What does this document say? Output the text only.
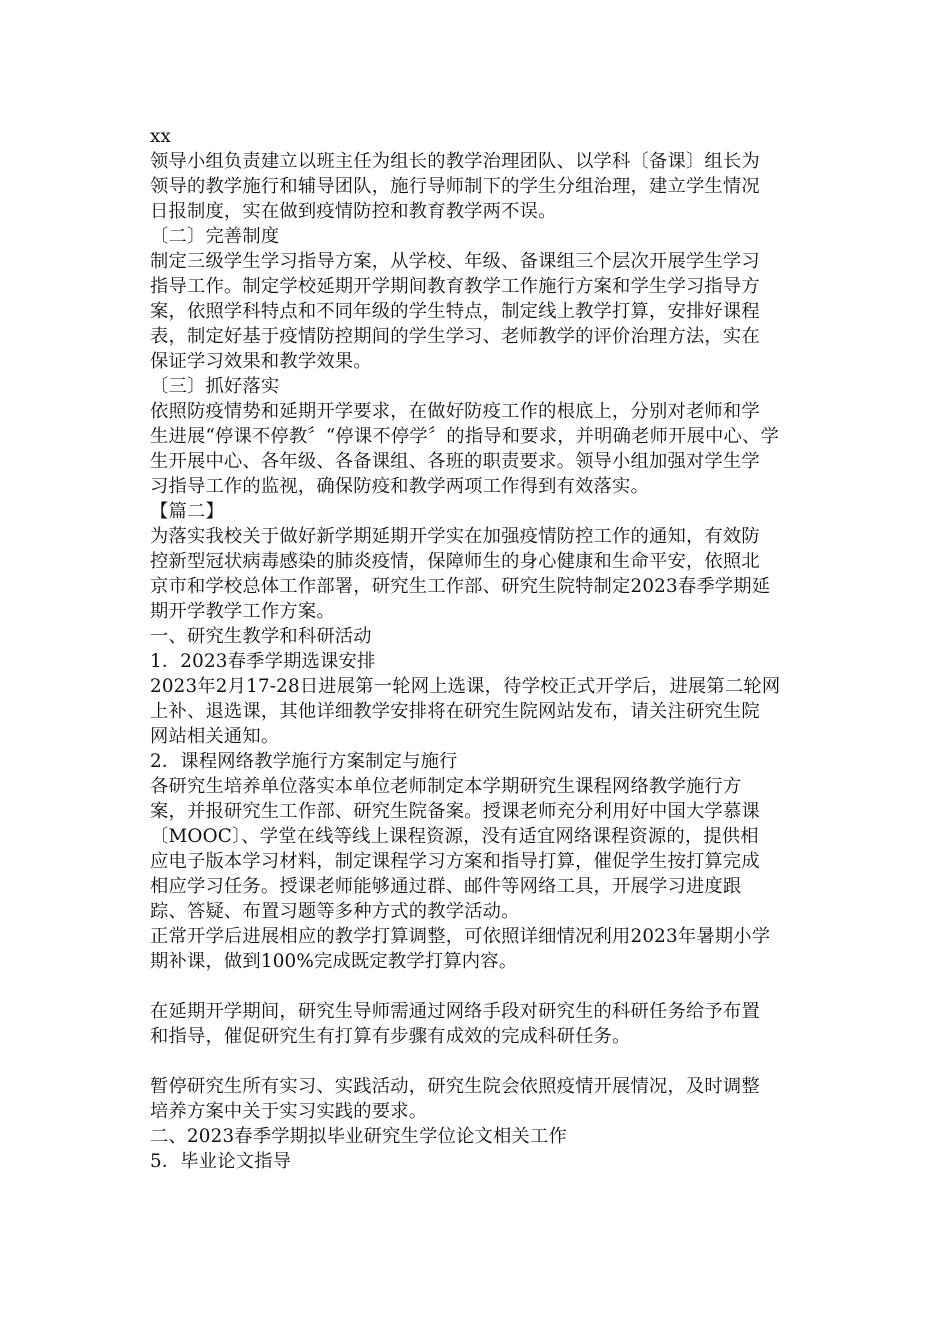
xx
领导小组负责建立以班主任为组长的教学治理团队、以学科〔备课〕组长为
领导的教学施行和辅导团队，施行导师制下的学生分组治理，建立学生情况
日报制度，实在做到疫情防控和教育教学两不误。
〔二〕完善制度
制定三级学生学习指导方案，从学校、年级、备课组三个层次开展学生学习
指导工作。制定学校延期开学期间教育教学工作施行方案和学生学习指导方
案，依照学科特点和不同年级的学生特点，制定线上教学打算，安排好课程
表，制定好基于疫情防控期间的学生学习、老师教学的评价治理方法，实在
保证学习效果和教学效果。
〔三〕抓好落实
依照防疫情势和延期开学要求，在做好防疫工作的根底上，分别对老师和学
生进展“停课不停教〞“停课不停学〞的指导和要求，并明确老师开展中心、学
生开展中心、各年级、各备课组、各班的职责要求。领导小组加强对学生学
习指导工作的监视，确保防疫和教学两项工作得到有效落实。
【篇二】
为落实我校关于做好新学期延期开学实在加强疫情防控工作的通知，有效防
控新型冠状病毒感染的肺炎疫情，保障师生的身心健康和生命平安，依照北
京市和学校总体工作部署，研究生工作部、研究生院特制定2023春季学期延
期开学教学工作方案。
一、研究生教学和科研活动
1．2023春季学期选课安排
2023年2月17-28日进展第一轮网上选课，待学校正式开学后，进展第二轮网
上补、退选课，其他详细教学安排将在研究生院网站发布，请关注研究生院
网站相关通知。
2．课程网络教学施行方案制定与施行
各研究生培养单位落实本单位老师制定本学期研究生课程网络教学施行方
案，并报研究生工作部、研究生院备案。授课老师充分利用好中国大学慕课
〔MOOC〕、学堂在线等线上课程资源，没有适宜网络课程资源的，提供相
应电子版本学习材料，制定课程学习方案和指导打算，催促学生按打算完成
相应学习任务。授课老师能够通过群、邮件等网络工具，开展学习进度跟
踪、答疑、布置习题等多种方式的教学活动。
正常开学后进展相应的教学打算调整，可依照详细情况利用2023年暑期小学
期补课，做到100%完成既定教学打算内容。
在延期开学期间，研究生导师需通过网络手段对研究生的科研任务给予布置
和指导，催促研究生有打算有步骤有成效的完成科研任务。
暂停研究生所有实习、实践活动，研究生院会依照疫情开展情况，及时调整
培养方案中关于实习实践的要求。
二、2023春季学期拟毕业研究生学位论文相关工作
5．毕业论文指导
